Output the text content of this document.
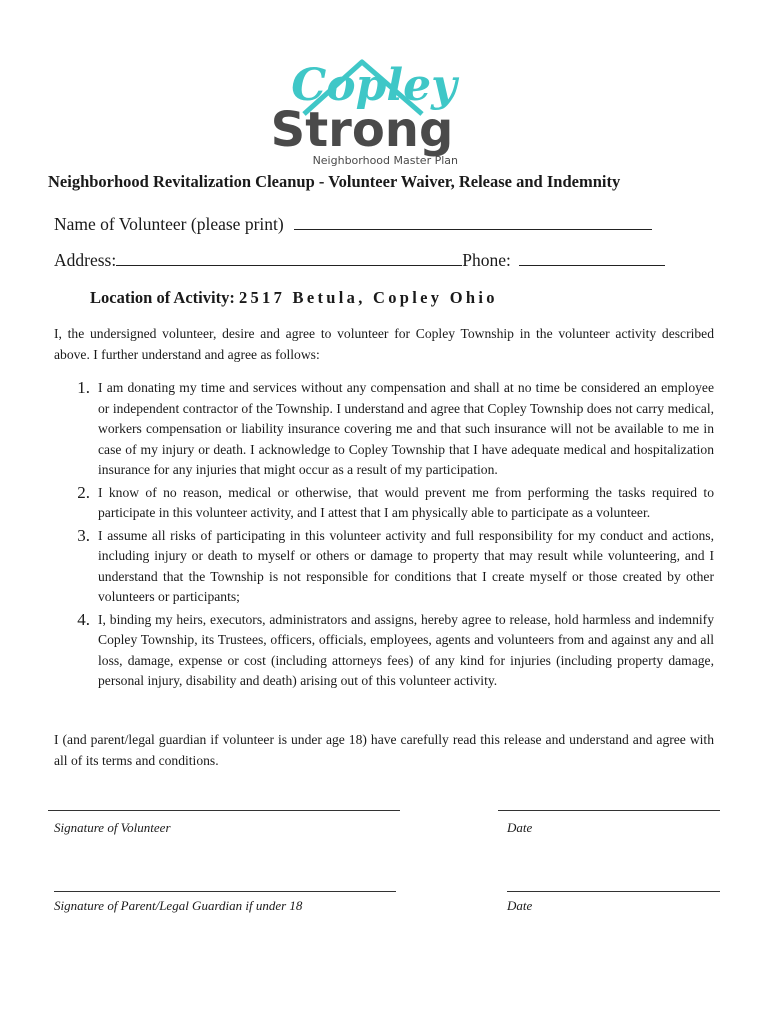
Copley
Strong
Neighborhood Master Plan
Neighborhood Revitalization Cleanup - Volunteer Waiver, Release and Indemnity
Name of Volunteer (please print)
Address:	Phone:
Location of Activity: 2517 Betula, Copley Ohio
I, the undersigned volunteer, desire and agree to volunteer for Copley Township in the volunteer activity described above. I further understand and agree as follows:
1. I am donating my time and services without any compensation and shall at no time be considered an employee or independent contractor of the Township. I understand and agree that Copley Township does not carry medical, workers compensation or liability insurance covering me and that such insurance will not be available to me in case of my injury or death. I acknowledge to Copley Township that I have adequate medical and hospitalization insurance for any injuries that might occur as a result of my participation.
2. I know of no reason, medical or otherwise, that would prevent me from performing the tasks required to participate in this volunteer activity, and I attest that I am physically able to participate as a volunteer.
3. I assume all risks of participating in this volunteer activity and full responsibility for my conduct and actions, including injury or death to myself or others or damage to property that may result while volunteering, and I understand that the Township is not responsible for conditions that I create myself or those created by other volunteers or participants;
4. I, binding my heirs, executors, administrators and assigns, hereby agree to release, hold harmless and indemnify Copley Township, its Trustees, officers, officials, employees, agents and volunteers from and against any and all loss, damage, expense or cost (including attorneys fees) of any kind for injuries (including property damage, personal injury, disability and death) arising out of this volunteer activity.
I (and parent/legal guardian if volunteer is under age 18) have carefully read this release and understand and agree with all of its terms and conditions.
Signature of Volunteer	Date
Signature of Parent/Legal Guardian if under 18	Date
